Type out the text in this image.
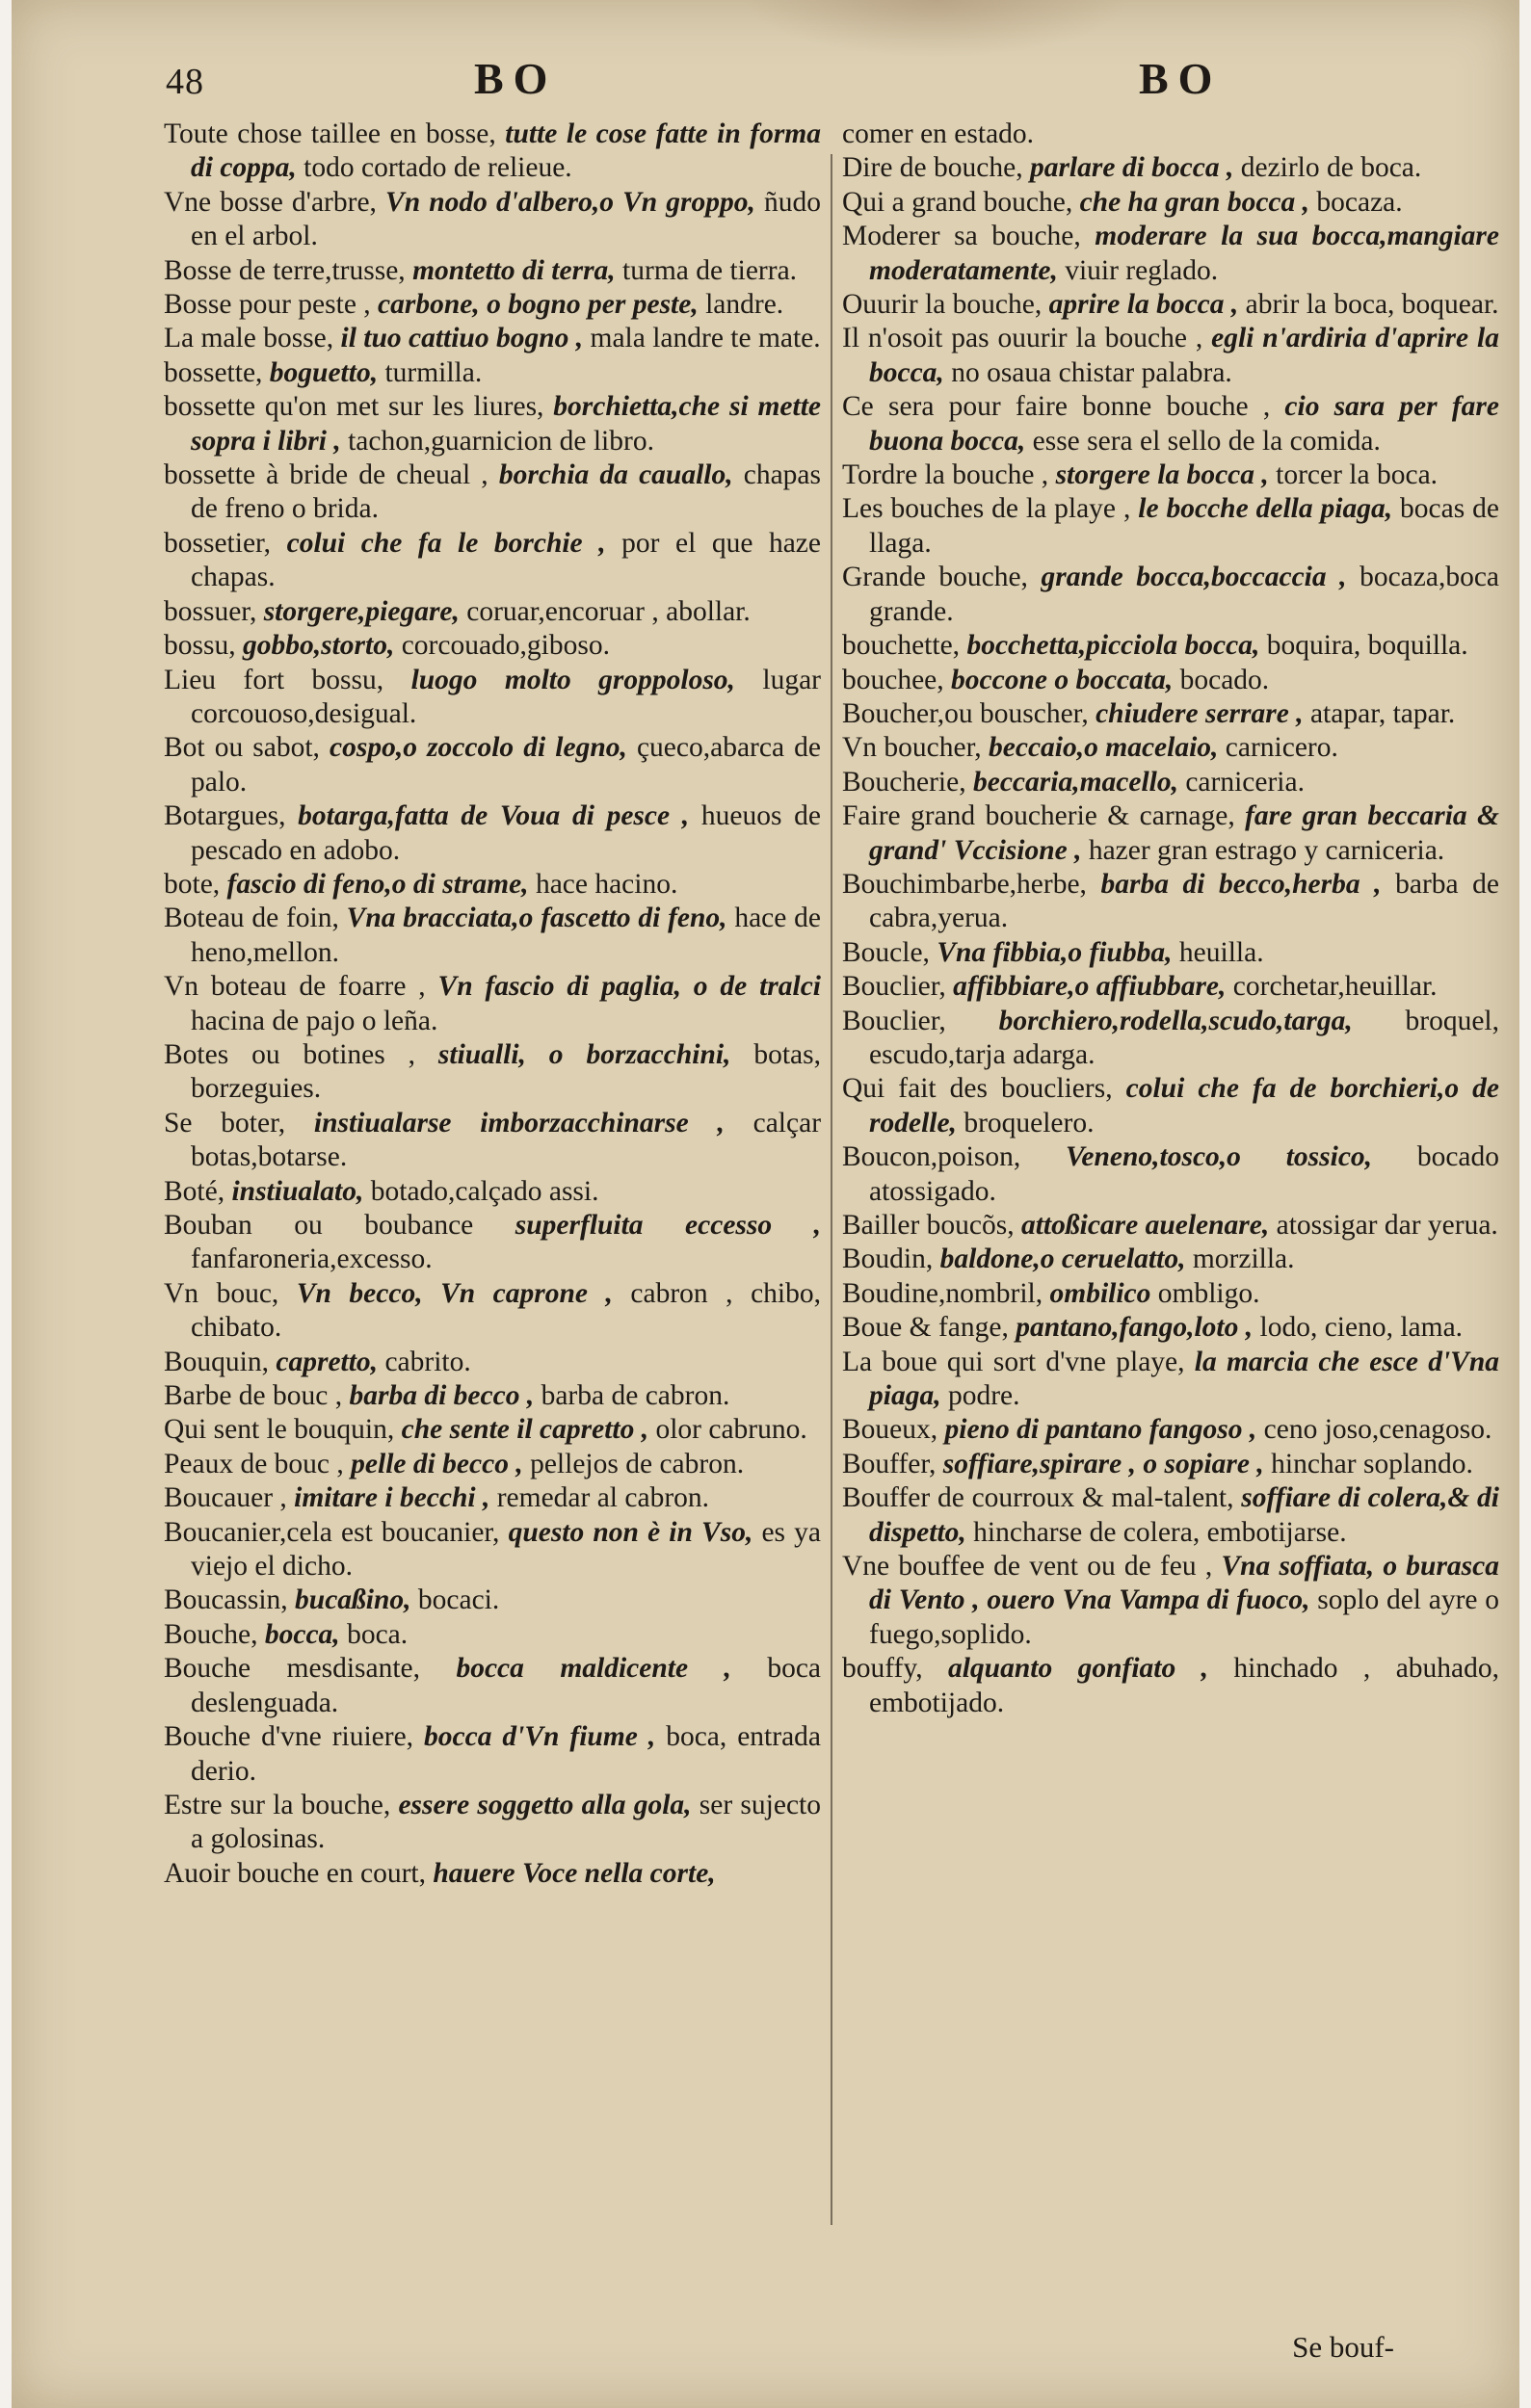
48	BO	BO

Toute chose taillee en bosse, tutte le cose fatte in forma di coppa, todo cortado de relieue.

Vne bosse d'arbre, Vn nodo d'albero,o Vn groppo, ñudo en el arbol.

Bosse de terre,trusse, montetto di terra, turma de tierra.

Bosse pour peste , carbone, o bogno per peste, landre.

La male bosse, il tuo cattiuo bogno , mala landre te mate.

bossette, boguetto, turmilla.

bossette qu'on met sur les liures, borchietta,che si mette sopra i libri , tachon,guarnicion de libro.

bossette à bride de cheual , borchia da cauallo, chapas de freno o brida.

bossetier, colui che fa le borchie , por el que haze chapas.

bossuer, storgere,piegare, coruar,encoruar , abollar.

bossu, gobbo,storto, corcouado,giboso.

Lieu fort bossu, luogo molto groppoloso, lugar corcouoso,desigual.

Bot ou sabot, cospo,o zoccolo di legno, çueco,abarca de palo.

Botargues, botarga,fatta de Voua di pesce , hueuos de pescado en adobo.

bote, fascio di feno,o di strame, hace hacino.

Boteau de foin, Vna bracciata,o fascetto di feno, hace de heno,mellon.

Vn boteau de foarre , Vn fascio di paglia, o de tralci hacina de pajo o leña.

Botes ou botines , stiualli, o borzacchini, botas, borzeguies.

Se boter, instiualarse imborzacchinarse , calçar botas,botarse.

Boté, instiualato, botado,calçado assi.

Bouban ou boubance superfluita eccesso , fanfaroneria,excesso.

Vn bouc, Vn becco, Vn caprone , cabron , chibo, chibato.

Bouquin, capretto, cabrito.

Barbe de bouc , barba di becco , barba de cabron.

Qui sent le bouquin, che sente il capretto , olor cabruno.

Peaux de bouc , pelle di becco , pellejos de cabron.

Boucauer , imitare i becchi , remedar al cabron.

Boucanier,cela est boucanier, questo non è in Vso, es ya viejo el dicho.

Boucassin, bucaßino, bocaci.

Bouche, bocca, boca.

Bouche mesdisante, bocca maldicente , boca deslenguada.

Bouche d'vne riuiere, bocca d'Vn fiume , boca, entrada derio.

Estre sur la bouche, essere soggetto alla gola, ser sujecto a golosinas.

Auoir bouche en court, hauere Voce nella corte,

comer en estado.

Dire de bouche, parlare di bocca , dezirlo de boca.

Qui a grand bouche, che ha gran bocca , bocaza.

Moderer sa bouche, moderare la sua bocca,mangiare moderatamente, viuir reglado.

Ouurir la bouche, aprire la bocca , abrir la boca, boquear.

Il n'osoit pas ouurir la bouche , egli n'ardiria d'aprire la bocca, no osaua chistar palabra.

Ce sera pour faire bonne bouche , cio sara per fare buona bocca, esse sera el sello de la comida.

Tordre la bouche , storgere la bocca , torcer la boca.

Les bouches de la playe , le bocche della piaga, bocas de llaga.

Grande bouche, grande bocca,boccaccia , bocaza,boca grande.

bouchette, bocchetta,picciola bocca, boquira, boquilla.

bouchee, boccone o boccata, bocado.

Boucher,ou bouscher, chiudere serrare , atapar, tapar.

Vn boucher, beccaio,o macelaio, carnicero.

Boucherie, beccaria,macello, carniceria.

Faire grand boucherie & carnage, fare gran beccaria & grand' Vccisione , hazer gran estrago y carniceria.

Bouchimbarbe,herbe, barba di becco,herba , barba de cabra,yerua.

Boucle, Vna fibbia,o fiubba, heuilla.

Bouclier, affibbiare,o affiubbare, corchetar,heuillar.

Bouclier, borchiero,rodella,scudo,targa, broquel, escudo,tarja adarga.

Qui fait des boucliers, colui che fa de borchieri,o de rodelle, broquelero.

Boucon,poison, Veneno,tosco,o tossico, bocado atossigado.

Bailler boucõs, attoßicare auelenare, atossigar dar yerua.

Boudin, baldone,o ceruelatto, morzilla.

Boudine,nombril, ombilico ombligo.

Boue & fange, pantano,fango,loto , lodo, cieno, lama.

La boue qui sort d'vne playe, la marcia che esce d'Vna piaga, podre.

Boueux, pieno di pantano fangoso , ceno joso,cenagoso.

Bouffer, soffiare,spirare , o sopiare , hinchar soplando.

Bouffer de courroux & mal-talent, soffiare di colera,& di dispetto, hincharse de colera, embotijarse.

Vne bouffee de vent ou de feu , Vna soffiata, o burasca di Vento , ouero Vna Vampa di fuoco, soplo del ayre o fuego,soplido.

bouffy, alquanto gonfiato , hinchado , abuhado, embotijado.

Se bouf-
